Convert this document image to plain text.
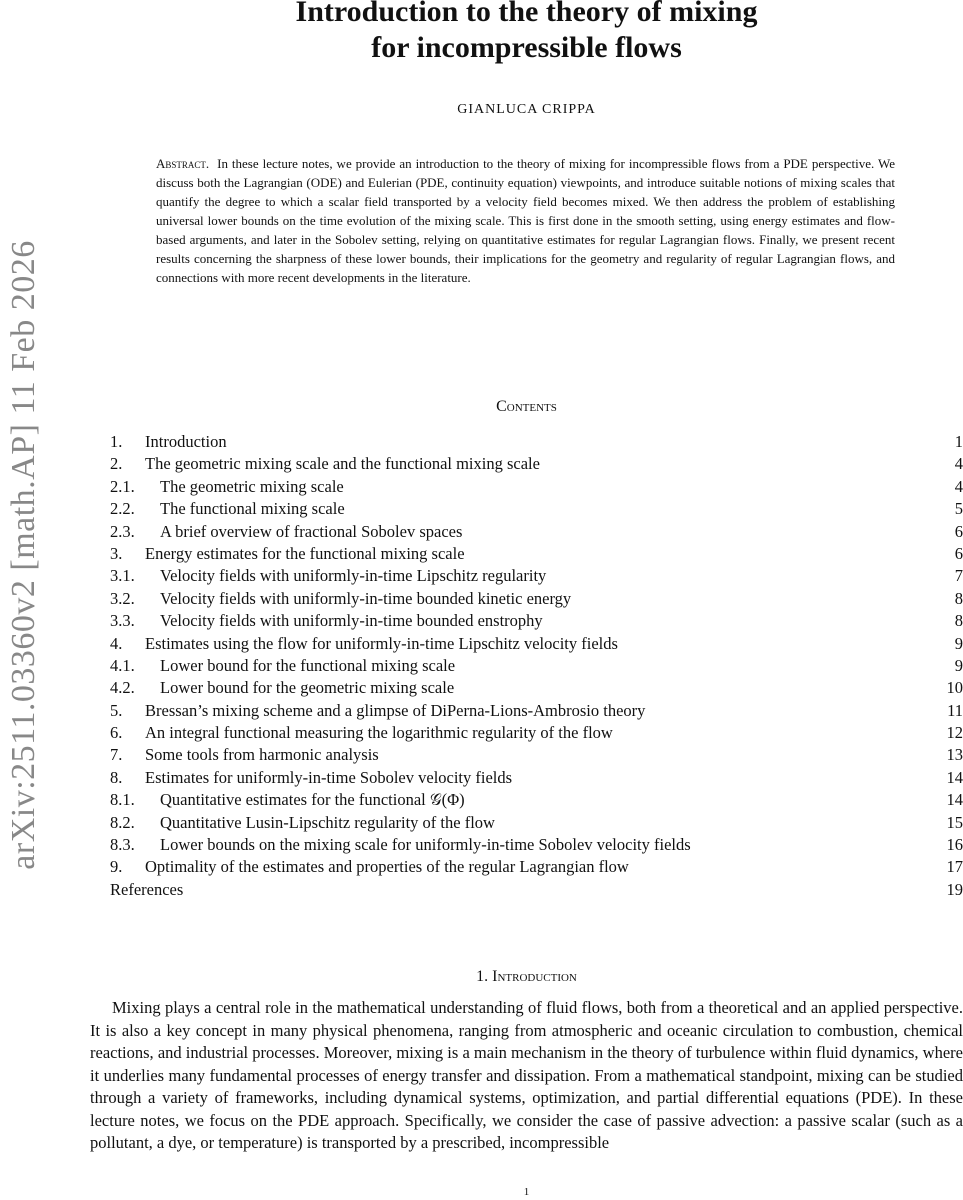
arXiv:2511.03360v2 [math.AP] 11 Feb 2026
Introduction to the theory of mixing
for incompressible flows
GIANLUCA CRIPPA
Abstract. In these lecture notes, we provide an introduction to the theory of mixing for incompressible flows from a PDE perspective. We discuss both the Lagrangian (ODE) and Eulerian (PDE, continuity equation) viewpoints, and introduce suitable notions of mixing scales that quantify the degree to which a scalar field transported by a velocity field becomes mixed. We then address the problem of establishing universal lower bounds on the time evolution of the mixing scale. This is first done in the smooth setting, using energy estimates and flow-based arguments, and later in the Sobolev setting, relying on quantitative estimates for regular Lagrangian flows. Finally, we present recent results concerning the sharpness of these lower bounds, their implications for the geometry and regularity of regular Lagrangian flows, and connections with more recent developments in the literature.
Contents
1.	Introduction	1
2.	The geometric mixing scale and the functional mixing scale	4
2.1.	The geometric mixing scale	4
2.2.	The functional mixing scale	5
2.3.	A brief overview of fractional Sobolev spaces	6
3.	Energy estimates for the functional mixing scale	6
3.1.	Velocity fields with uniformly-in-time Lipschitz regularity	7
3.2.	Velocity fields with uniformly-in-time bounded kinetic energy	8
3.3.	Velocity fields with uniformly-in-time bounded enstrophy	8
4.	Estimates using the flow for uniformly-in-time Lipschitz velocity fields	9
4.1.	Lower bound for the functional mixing scale	9
4.2.	Lower bound for the geometric mixing scale	10
5.	Bressan’s mixing scheme and a glimpse of DiPerna-Lions-Ambrosio theory	11
6.	An integral functional measuring the logarithmic regularity of the flow	12
7.	Some tools from harmonic analysis	13
8.	Estimates for uniformly-in-time Sobolev velocity fields	14
8.1.	Quantitative estimates for the functional 𝒢(Φ)	14
8.2.	Quantitative Lusin-Lipschitz regularity of the flow	15
8.3.	Lower bounds on the mixing scale for uniformly-in-time Sobolev velocity fields	16
9.	Optimality of the estimates and properties of the regular Lagrangian flow	17
References	19
1. Introduction
Mixing plays a central role in the mathematical understanding of fluid flows, both from a theoretical and an applied perspective. It is also a key concept in many physical phenomena, ranging from atmospheric and oceanic circulation to combustion, chemical reactions, and industrial processes. Moreover, mixing is a main mechanism in the theory of turbulence within fluid dynamics, where it underlies many fundamental processes of energy transfer and dissipation. From a mathematical standpoint, mixing can be studied through a variety of frameworks, including dynamical systems, optimization, and partial differential equations (PDE). In these lecture notes, we focus on the PDE approach. Specifically, we consider the case of passive advection: a passive scalar (such as a pollutant, a dye, or temperature) is transported by a prescribed, incompressible
1
